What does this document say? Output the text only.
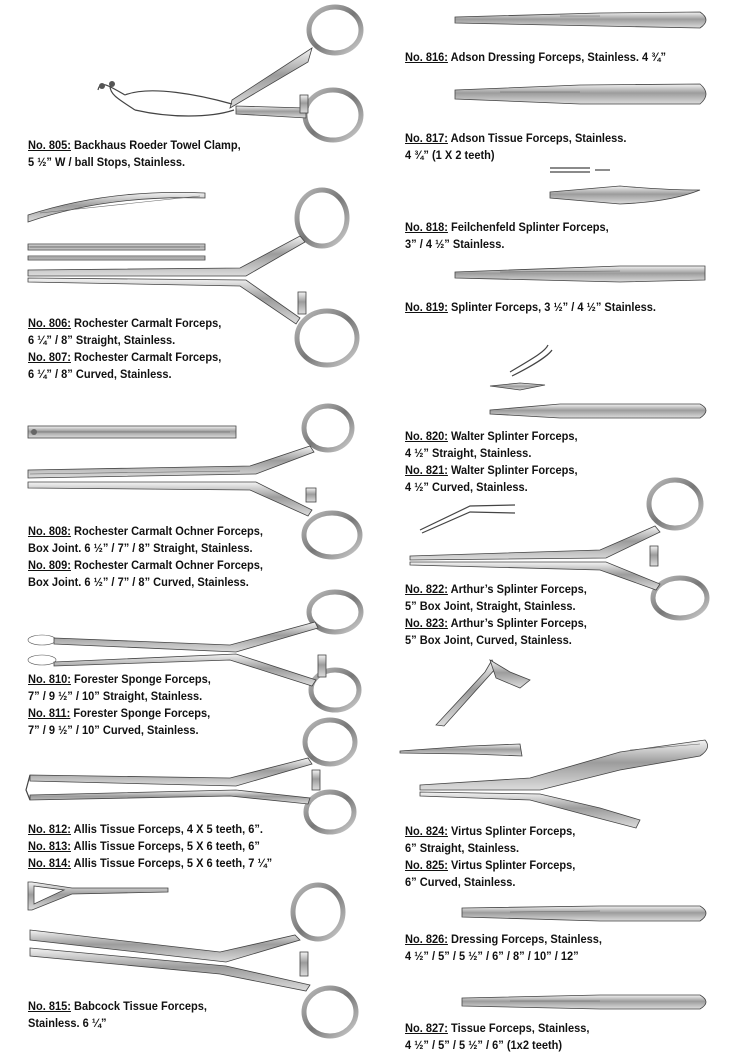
No. 805: Backhaus Roeder Towel Clamp,
5 ½” W / ball Stops, Stainless.
No. 806: Rochester Carmalt Forceps,
6 ¼” / 8” Straight, Stainless.
No. 807: Rochester Carmalt Forceps,
6 ¼” / 8” Curved, Stainless.
No. 808: Rochester Carmalt Ochner Forceps,
Box Joint. 6 ½” / 7” / 8” Straight, Stainless.
No. 809: Rochester Carmalt Ochner Forceps,
Box Joint. 6 ½” / 7” / 8” Curved, Stainless.
No. 810: Forester Sponge Forceps,
7” / 9 ½” / 10” Straight, Stainless.
No. 811: Forester Sponge Forceps,
7” / 9 ½” / 10” Curved, Stainless.
No. 812: Allis Tissue Forceps, 4 X 5 teeth, 6”.
No. 813: Allis Tissue Forceps, 5 X 6 teeth, 6”
No. 814: Allis Tissue Forceps, 5 X 6 teeth, 7 ¼”
No. 815: Babcock Tissue Forceps,
Stainless. 6 ¼”
No. 816: Adson Dressing Forceps, Stainless. 4 ¾”
No. 817: Adson Tissue Forceps, Stainless.
4 ¾” (1 X 2 teeth)
No. 818: Feilchenfeld Splinter Forceps,
3” / 4 ½” Stainless.
No. 819: Splinter Forceps, 3 ½” / 4 ½” Stainless.
No. 820: Walter Splinter Forceps,
4 ½” Straight, Stainless.
No. 821: Walter Splinter Forceps,
4 ½” Curved, Stainless.
No. 822: Arthur’s Splinter Forceps,
5” Box Joint, Straight, Stainless.
No. 823: Arthur’s Splinter Forceps,
5” Box Joint, Curved, Stainless.
No. 824: Virtus Splinter Forceps,
6” Straight, Stainless.
No. 825: Virtus Splinter Forceps,
6” Curved, Stainless.
No. 826: Dressing Forceps, Stainless,
4 ½” / 5” / 5 ½” / 6” / 8” / 10” / 12”
No. 827: Tissue Forceps, Stainless,
4 ½” / 5” / 5 ½” / 6” (1x2 teeth)
